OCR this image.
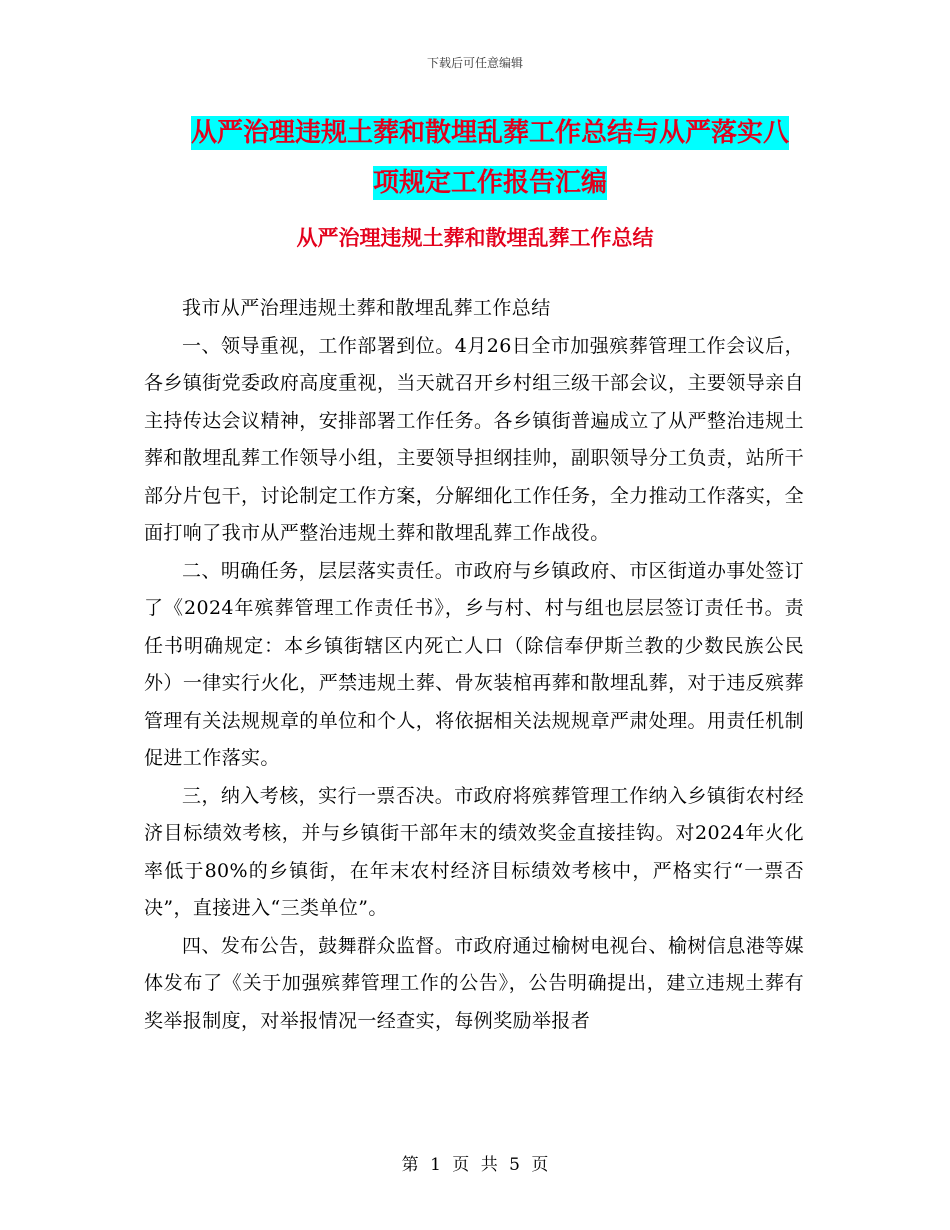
下载后可任意编辑
从严治理违规土葬和散埋乱葬工作总结与从严落实八
项规定工作报告汇编
从严治理违规土葬和散埋乱葬工作总结

我市从严治理违规土葬和散埋乱葬工作总结

一、领导重视，工作部署到位。4月26日全市加强殡葬管理工作会议后，各乡镇街党委政府高度重视，当天就召开乡村组三级干部会议，主要领导亲自主持传达会议精神，安排部署工作任务。各乡镇街普遍成立了从严整治违规土葬和散埋乱葬工作领导小组，主要领导担纲挂帅，副职领导分工负责，站所干部分片包干，讨论制定工作方案，分解细化工作任务，全力推动工作落实，全面打响了我市从严整治违规土葬和散埋乱葬工作战役。

二、明确任务，层层落实责任。市政府与乡镇政府、市区街道办事处签订了《2024年殡葬管理工作责任书》，乡与村、村与组也层层签订责任书。责任书明确规定：本乡镇街辖区内死亡人口（除信奉伊斯兰教的少数民族公民外）一律实行火化，严禁违规土葬、骨灰装棺再葬和散埋乱葬，对于违反殡葬管理有关法规规章的单位和个人，将依据相关法规规章严肃处理。用责任机制促进工作落实。

三，纳入考核，实行一票否决。市政府将殡葬管理工作纳入乡镇街农村经济目标绩效考核，并与乡镇街干部年末的绩效奖金直接挂钩。对2024年火化率低于80%的乡镇街，在年末农村经济目标绩效考核中，严格实行“一票否决”，直接进入“三类单位”。

四、发布公告，鼓舞群众监督。市政府通过榆树电视台、榆树信息港等媒体发布了《关于加强殡葬管理工作的公告》，公告明确提出，建立违规土葬有奖举报制度，对举报情况一经查实，每例奖励举报者

第 1 页 共 5 页
